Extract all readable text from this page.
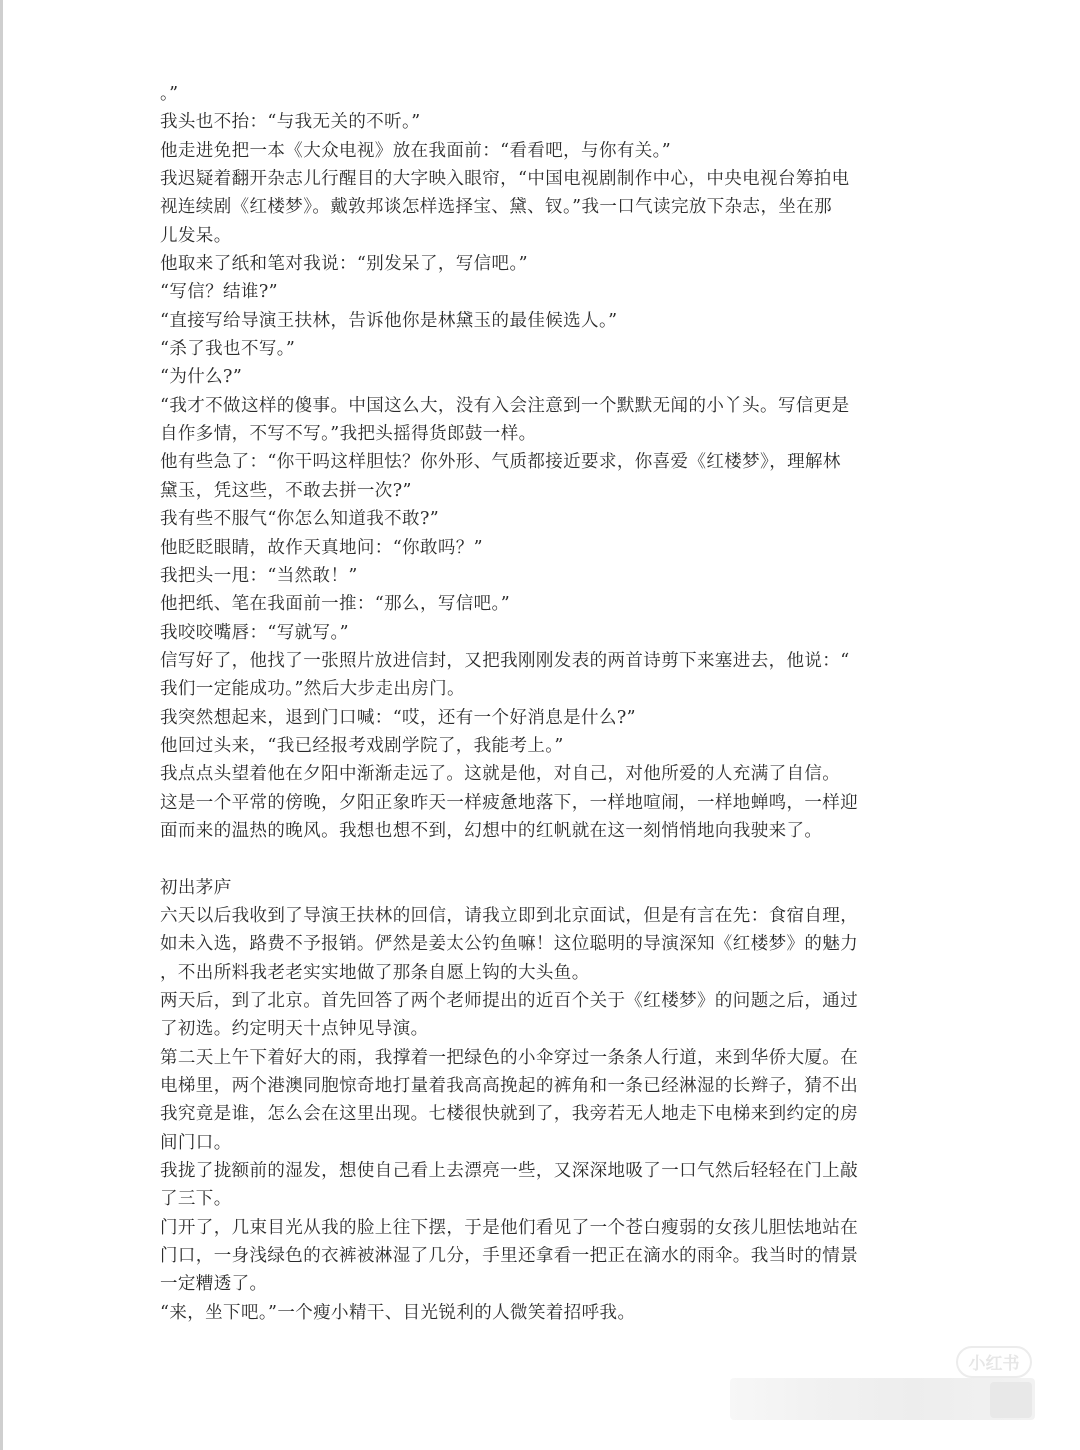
。”
我头也不抬：“与我无关的不听。”
他走进免把一本《大众电视》放在我面前：“看看吧，与你有关。”
我迟疑着翻开杂志儿行醒目的大字映入眼帘，“中国电视剧制作中心，中央电视台筹拍电
视连续剧《红楼梦》。戴敦邦谈怎样选择宝、黛、钗。”我一口气读完放下杂志，坐在那
儿发呆。
他取来了纸和笔对我说：“别发呆了，写信吧。”
“写信？结谁?”
“直接写给导演王扶林，告诉他你是林黛玉的最佳候选人。”
“杀了我也不写。”
“为什么?”
“我才不做这样的傻事。中国这么大，没有入会注意到一个默默无闻的小丫头。写信更是
自作多情，不写不写。”我把头摇得货郎鼓一样。
他有些急了：“你干吗这样胆怯？你外形、气质都接近要求，你喜爱《红楼梦》，理解林
黛玉，凭这些，不敢去拼一次?”
我有些不服气“你怎么知道我不敢?”
他眨眨眼睛，故作天真地问：“你敢吗？”
我把头一甩：“当然敢！”
他把纸、笔在我面前一推：“那么，写信吧。”
我咬咬嘴唇：“写就写。”
信写好了，他找了一张照片放进信封，又把我刚刚发表的两首诗剪下来塞进去，他说：“
我们一定能成功。”然后大步走出房门。
我突然想起来，退到门口喊：“哎，还有一个好消息是什么?”
他回过头来，“我已经报考戏剧学院了，我能考上。”
我点点头望着他在夕阳中渐渐走远了。这就是他，对自己，对他所爱的人充满了自信。
这是一个平常的傍晚，夕阳正象昨天一样疲惫地落下，一样地喧闹，一样地蝉鸣，一样迎
面而来的温热的晚风。我想也想不到，幻想中的红帆就在这一刻悄悄地向我驶来了。
初出茅庐
六天以后我收到了导演王扶林的回信，请我立即到北京面试，但是有言在先：食宿自理，
如未入选，路费不予报销。俨然是姜太公钓鱼嘛！这位聪明的导演深知《红楼梦》的魅力
，不出所料我老老实实地做了那条自愿上钩的大头鱼。
两天后，到了北京。首先回答了两个老师提出的近百个关于《红楼梦》的问题之后，通过
了初选。约定明天十点钟见导演。
第二天上午下着好大的雨，我撑着一把绿色的小伞穿过一条条人行道，来到华侨大厦。在
电梯里，两个港澳同胞惊奇地打量着我高高挽起的裤角和一条已经淋湿的长辫子，猜不出
我究竟是谁，怎么会在这里出现。七楼很快就到了，我旁若无人地走下电梯来到约定的房
间门口。
我拢了拢额前的湿发，想使自己看上去漂亮一些，又深深地吸了一口气然后轻轻在门上敲
了三下。
门开了，几束目光从我的脸上往下摆，于是他们看见了一个苍白瘦弱的女孩儿胆怯地站在
门口，一身浅绿色的衣裤被淋湿了几分，手里还拿看一把正在滴水的雨伞。我当时的情景
一定糟透了。
“来，坐下吧。”一个瘦小精干、目光锐利的人微笑着招呼我。
小红书
